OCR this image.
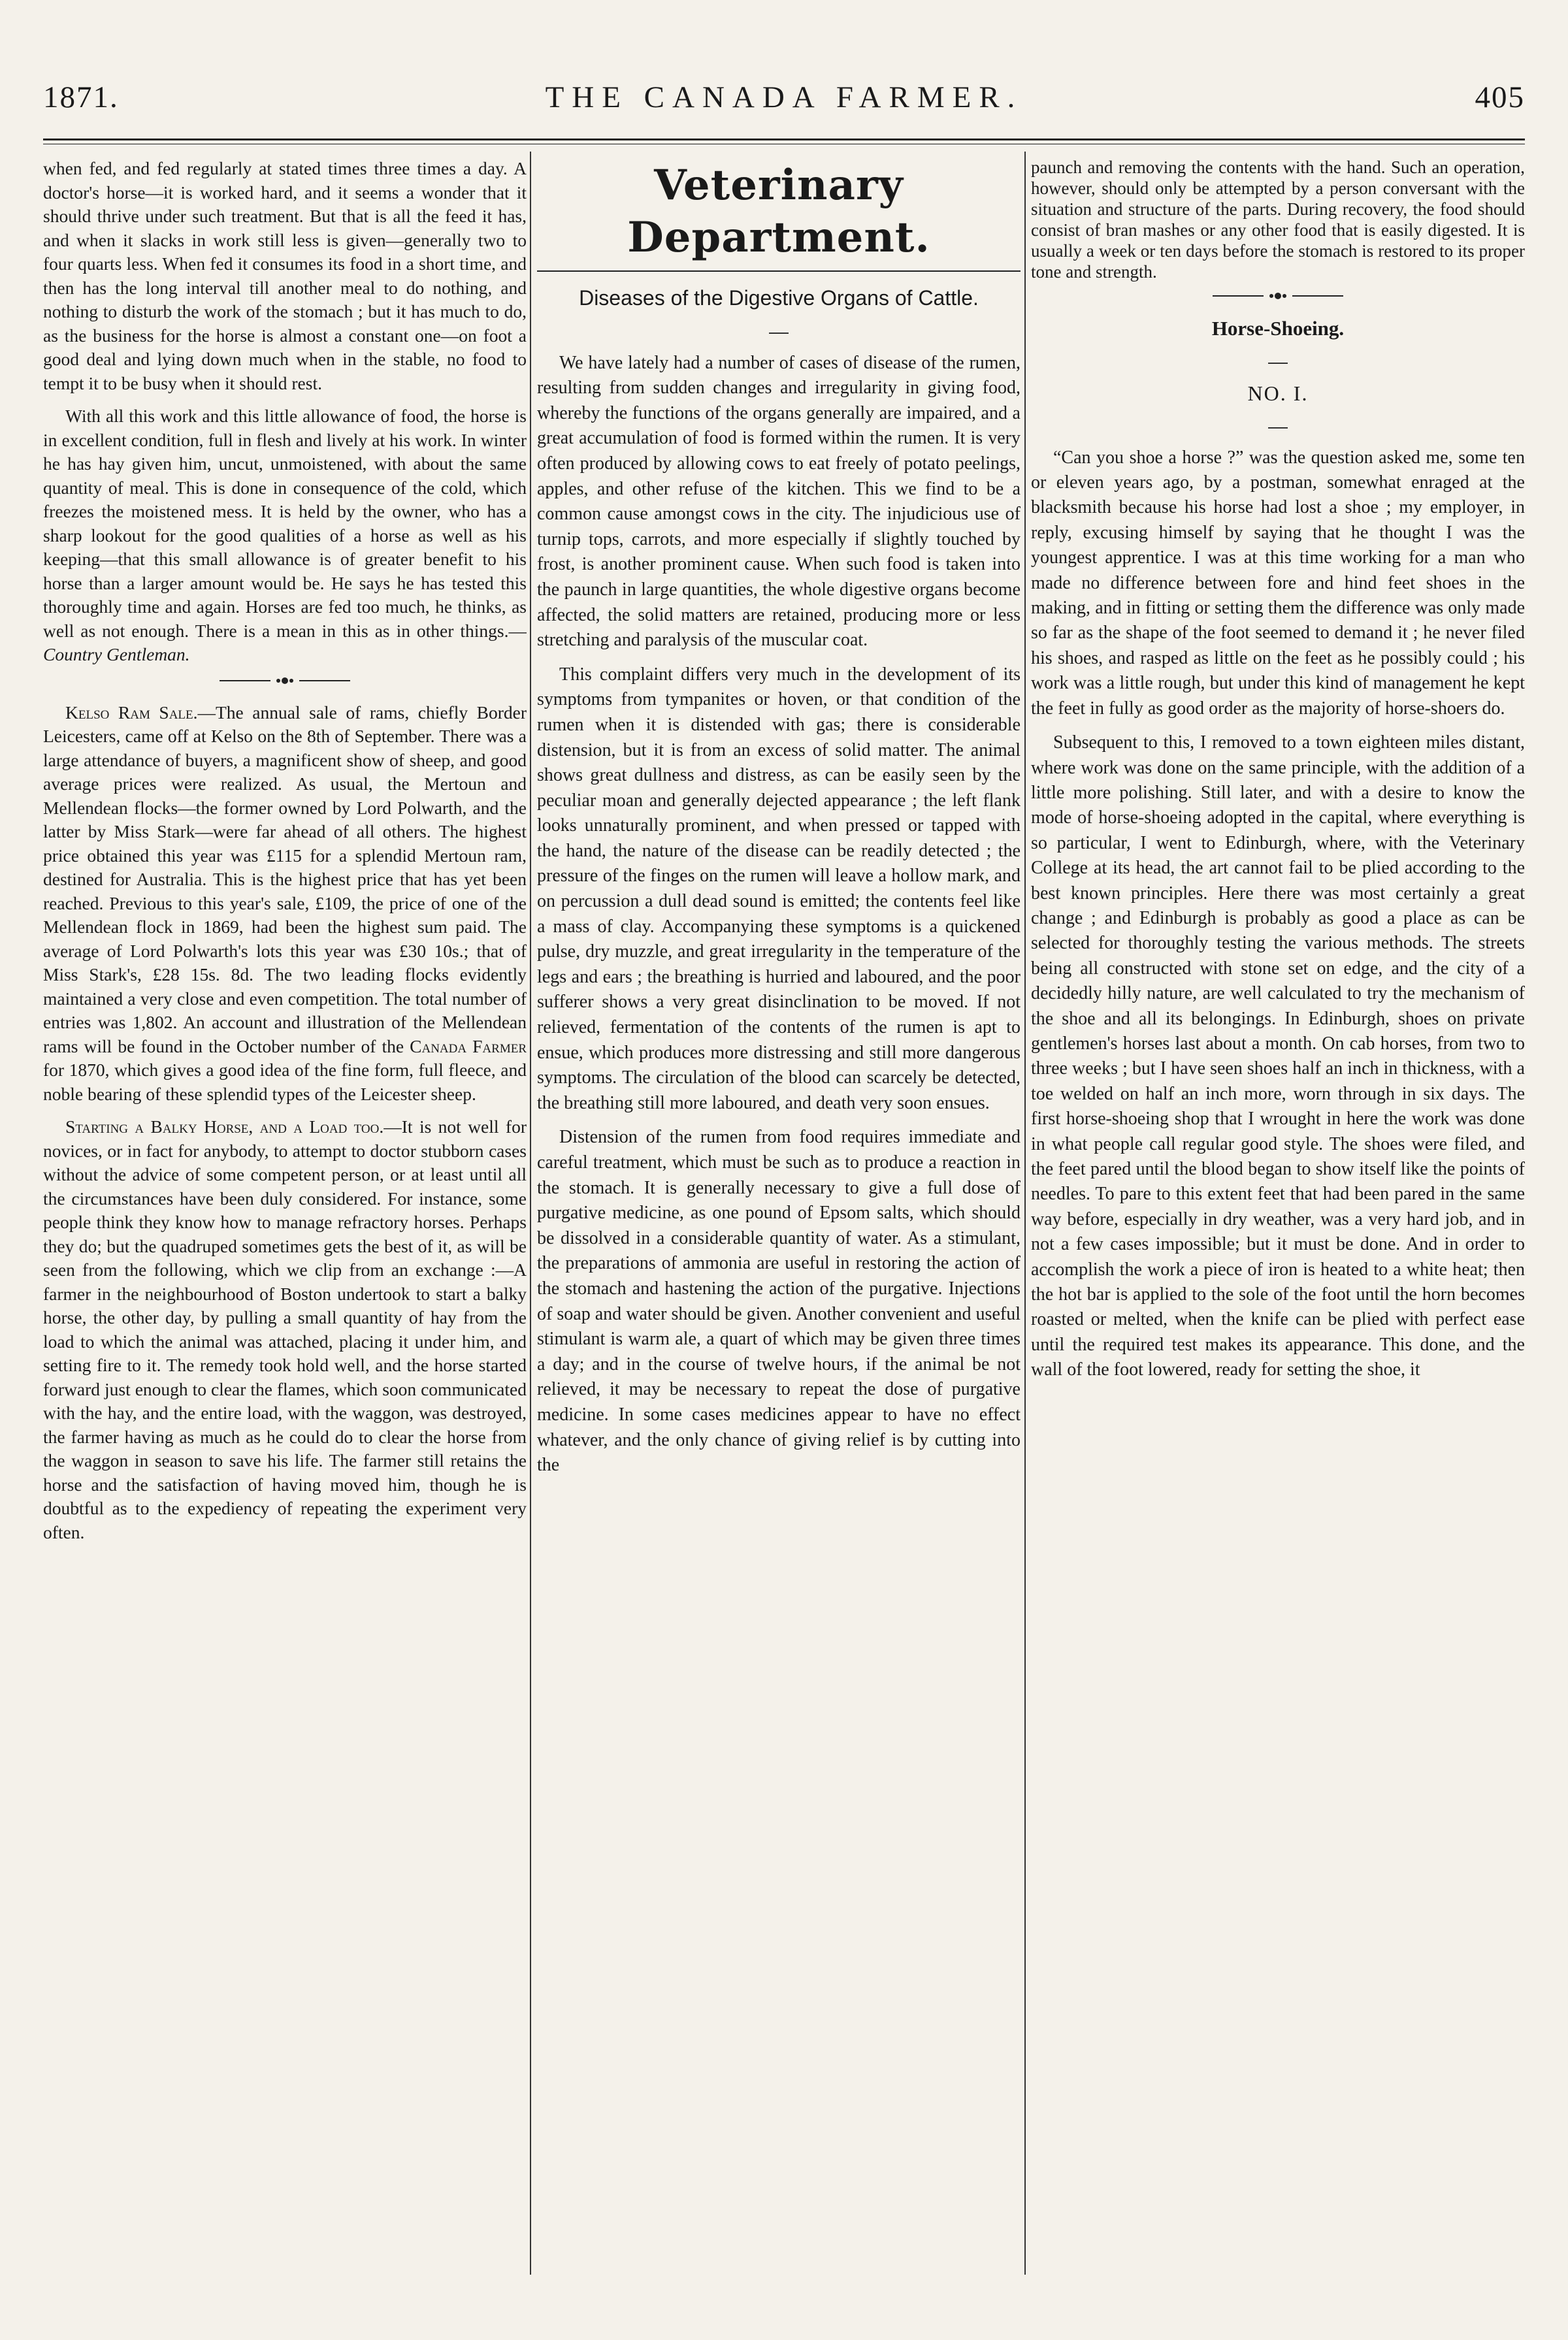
1871.	THE CANADA FARMER.	405

when fed, and fed regularly at stated times three times a day. A doctor's horse—it is worked hard, and it seems a wonder that it should thrive under such treatment. But that is all the feed it has, and when it slacks in work still less is given—generally two to four quarts less. When fed it consumes its food in a short time, and then has the long interval till another meal to do nothing, and nothing to disturb the work of the stomach ; but it has much to do, as the business for the horse is almost a constant one—on foot a good deal and lying down much when in the stable, no food to tempt it to be busy when it should rest.

With all this work and this little allowance of food, the horse is in excellent condition, full in flesh and lively at his work. In winter he has hay given him, uncut, unmoistened, with about the same quantity of meal. This is done in consequence of the cold, which freezes the moistened mess. It is held by the owner, who has a sharp lookout for the good qualities of a horse as well as his keeping—that this small allowance is of greater benefit to his horse than a larger amount would be. He says he has tested this thoroughly time and again. Horses are fed too much, he thinks, as well as not enough. There is a mean in this as in other things.—Country Gentleman.

Kelso Ram Sale.—The annual sale of rams, chiefly Border Leicesters, came off at Kelso on the 8th of September. There was a large attendance of buyers, a magnificent show of sheep, and good average prices were realized. As usual, the Mertoun and Mellendean flocks—the former owned by Lord Polwarth, and the latter by Miss Stark—were far ahead of all others. The highest price obtained this year was £115 for a splendid Mertoun ram, destined for Australia. This is the highest price that has yet been reached. Previous to this year's sale, £109, the price of one of the Mellendean flock in 1869, had been the highest sum paid. The average of Lord Polwarth's lots this year was £30 10s.; that of Miss Stark's, £28 15s. 8d. The two leading flocks evidently maintained a very close and even competition. The total number of entries was 1,802. An account and illustration of the Mellendean rams will be found in the October number of the Canada Farmer for 1870, which gives a good idea of the fine form, full fleece, and noble bearing of these splendid types of the Leicester sheep.

Starting a Balky Horse, and a Load too.—It is not well for novices, or in fact for anybody, to attempt to doctor stubborn cases without the advice of some competent person, or at least until all the circumstances have been duly considered. For instance, some people think they know how to manage refractory horses. Perhaps they do; but the quadruped sometimes gets the best of it, as will be seen from the following, which we clip from an exchange :—A farmer in the neighbourhood of Boston undertook to start a balky horse, the other day, by pulling a small quantity of hay from the load to which the animal was attached, placing it under him, and setting fire to it. The remedy took hold well, and the horse started forward just enough to clear the flames, which soon communicated with the hay, and the entire load, with the waggon, was destroyed, the farmer having as much as he could do to clear the horse from the waggon in season to save his life. The farmer still retains the horse and the satisfaction of having moved him, though he is doubtful as to the expediency of repeating the experiment very often.

Veterinary Department.
Diseases of the Digestive Organs of Cattle.

We have lately had a number of cases of disease of the rumen, resulting from sudden changes and irregularity in giving food, whereby the functions of the organs generally are impaired, and a great accumulation of food is formed within the rumen. It is very often produced by allowing cows to eat freely of potato peelings, apples, and other refuse of the kitchen. This we find to be a common cause amongst cows in the city. The injudicious use of turnip tops, carrots, and more especially if slightly touched by frost, is another prominent cause. When such food is taken into the paunch in large quantities, the whole digestive organs become affected, the solid matters are retained, producing more or less stretching and paralysis of the muscular coat.

This complaint differs very much in the development of its symptoms from tympanites or hoven, or that condition of the rumen when it is distended with gas; there is considerable distension, but it is from an excess of solid matter. The animal shows great dullness and distress, as can be easily seen by the peculiar moan and generally dejected appearance ; the left flank looks unnaturally prominent, and when pressed or tapped with the hand, the nature of the disease can be readily detected ; the pressure of the finges on the rumen will leave a hollow mark, and on percussion a dull dead sound is emitted; the contents feel like a mass of clay. Accompanying these symptoms is a quickened pulse, dry muzzle, and great irregularity in the temperature of the legs and ears ; the breathing is hurried and laboured, and the poor sufferer shows a very great disinclination to be moved. If not relieved, fermentation of the contents of the rumen is apt to ensue, which produces more distressing and still more dangerous symptoms. The circulation of the blood can scarcely be detected, the breathing still more laboured, and death very soon ensues.

Distension of the rumen from food requires immediate and careful treatment, which must be such as to produce a reaction in the stomach. It is generally necessary to give a full dose of purgative medicine, as one pound of Epsom salts, which should be dissolved in a considerable quantity of water. As a stimulant, the preparations of ammonia are useful in restoring the action of the stomach and hastening the action of the purgative. Injections of soap and water should be given. Another convenient and useful stimulant is warm ale, a quart of which may be given three times a day; and in the course of twelve hours, if the animal be not relieved, it may be necessary to repeat the dose of purgative medicine. In some cases medicines appear to have no effect whatever, and the only chance of giving relief is by cutting into the

paunch and removing the contents with the hand. Such an operation, however, should only be attempted by a person conversant with the situation and structure of the parts. During recovery, the food should consist of bran mashes or any other food that is easily digested. It is usually a week or ten days before the stomach is restored to its proper tone and strength.

Horse-Shoeing.
NO. I.

“Can you shoe a horse ?” was the question asked me, some ten or eleven years ago, by a postman, somewhat enraged at the blacksmith because his horse had lost a shoe ; my employer, in reply, excusing himself by saying that he thought I was the youngest apprentice. I was at this time working for a man who made no difference between fore and hind feet shoes in the making, and in fitting or setting them the difference was only made so far as the shape of the foot seemed to demand it ; he never filed his shoes, and rasped as little on the feet as he possibly could ; his work was a little rough, but under this kind of management he kept the feet in fully as good order as the majority of horse-shoers do.

Subsequent to this, I removed to a town eighteen miles distant, where work was done on the same principle, with the addition of a little more polishing. Still later, and with a desire to know the mode of horse-shoeing adopted in the capital, where everything is so particular, I went to Edinburgh, where, with the Veterinary College at its head, the art cannot fail to be plied according to the best known principles. Here there was most certainly a great change ; and Edinburgh is probably as good a place as can be selected for thoroughly testing the various methods. The streets being all constructed with stone set on edge, and the city of a decidedly hilly nature, are well calculated to try the mechanism of the shoe and all its belongings. In Edinburgh, shoes on private gentlemen's horses last about a month. On cab horses, from two to three weeks ; but I have seen shoes half an inch in thickness, with a toe welded on half an inch more, worn through in six days. The first horse-shoeing shop that I wrought in here the work was done in what people call regular good style. The shoes were filed, and the feet pared until the blood began to show itself like the points of needles. To pare to this extent feet that had been pared in the same way before, especially in dry weather, was a very hard job, and in not a few cases impossible; but it must be done. And in order to accomplish the work a piece of iron is heated to a white heat; then the hot bar is applied to the sole of the foot until the horn becomes roasted or melted, when the knife can be plied with perfect ease until the required test makes its appearance. This done, and the wall of the foot lowered, ready for setting the shoe, it
